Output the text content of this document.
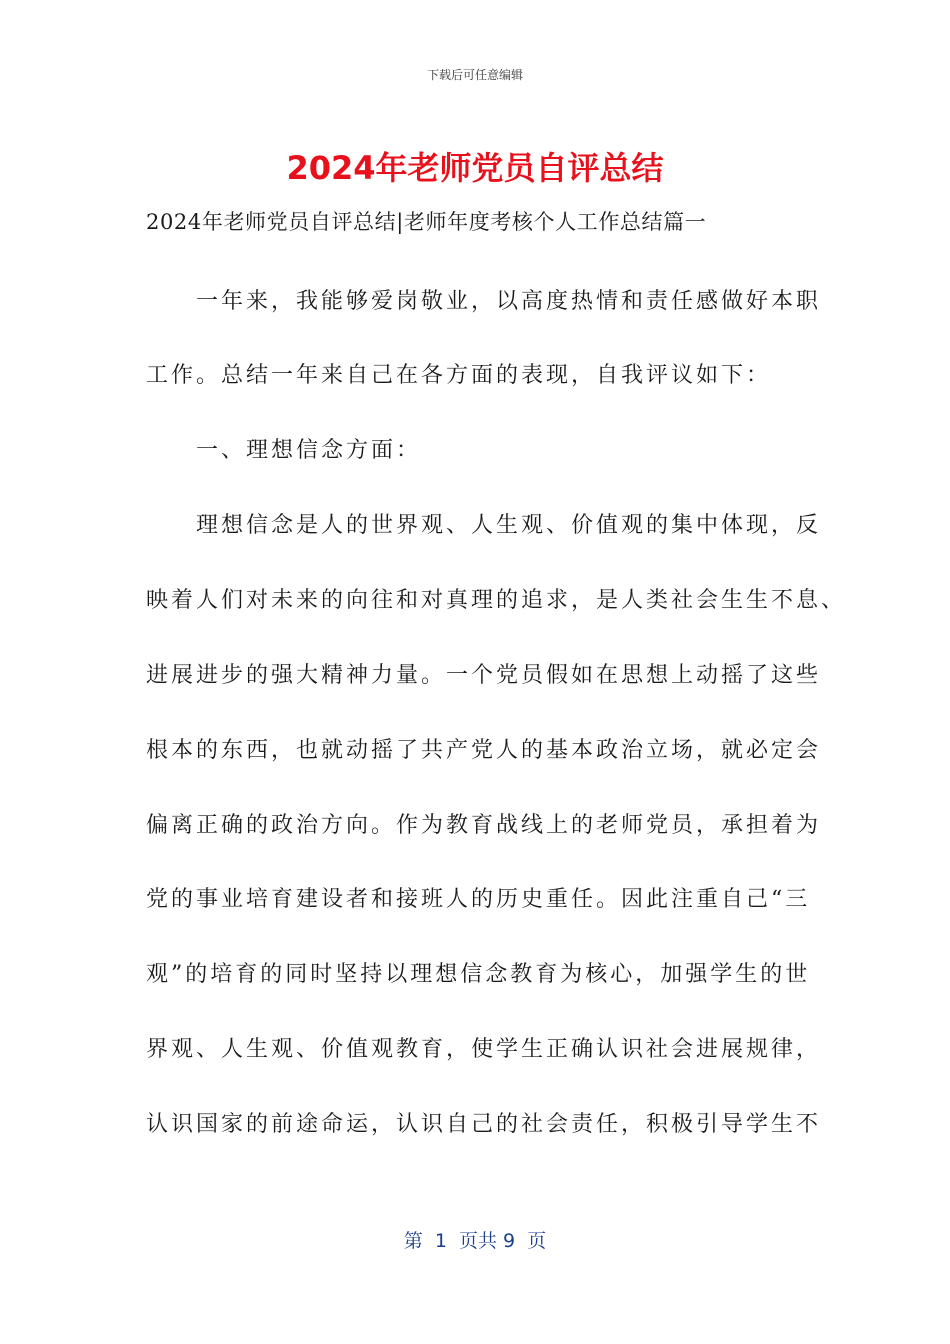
下载后可任意编辑
2024年老师党员自评总结
2024年老师党员自评总结|老师年度考核个人工作总结篇一
　　一年来，我能够爱岗敬业，以高度热情和责任感做好本职
工作。总结一年来自己在各方面的表现，自我评议如下：
　　一、理想信念方面：
　　理想信念是人的世界观、人生观、价值观的集中体现，反
映着人们对未来的向往和对真理的追求，是人类社会生生不息、
进展进步的强大精神力量。一个党员假如在思想上动摇了这些
根本的东西，也就动摇了共产党人的基本政治立场，就必定会
偏离正确的政治方向。作为教育战线上的老师党员，承担着为
党的事业培育建设者和接班人的历史重任。因此注重自己“三
观”的培育的同时坚持以理想信念教育为核心，加强学生的世
界观、人生观、价值观教育，使学生正确认识社会进展规律，
认识国家的前途命运，认识自己的社会责任，积极引导学生不
第  1  页共 9  页
